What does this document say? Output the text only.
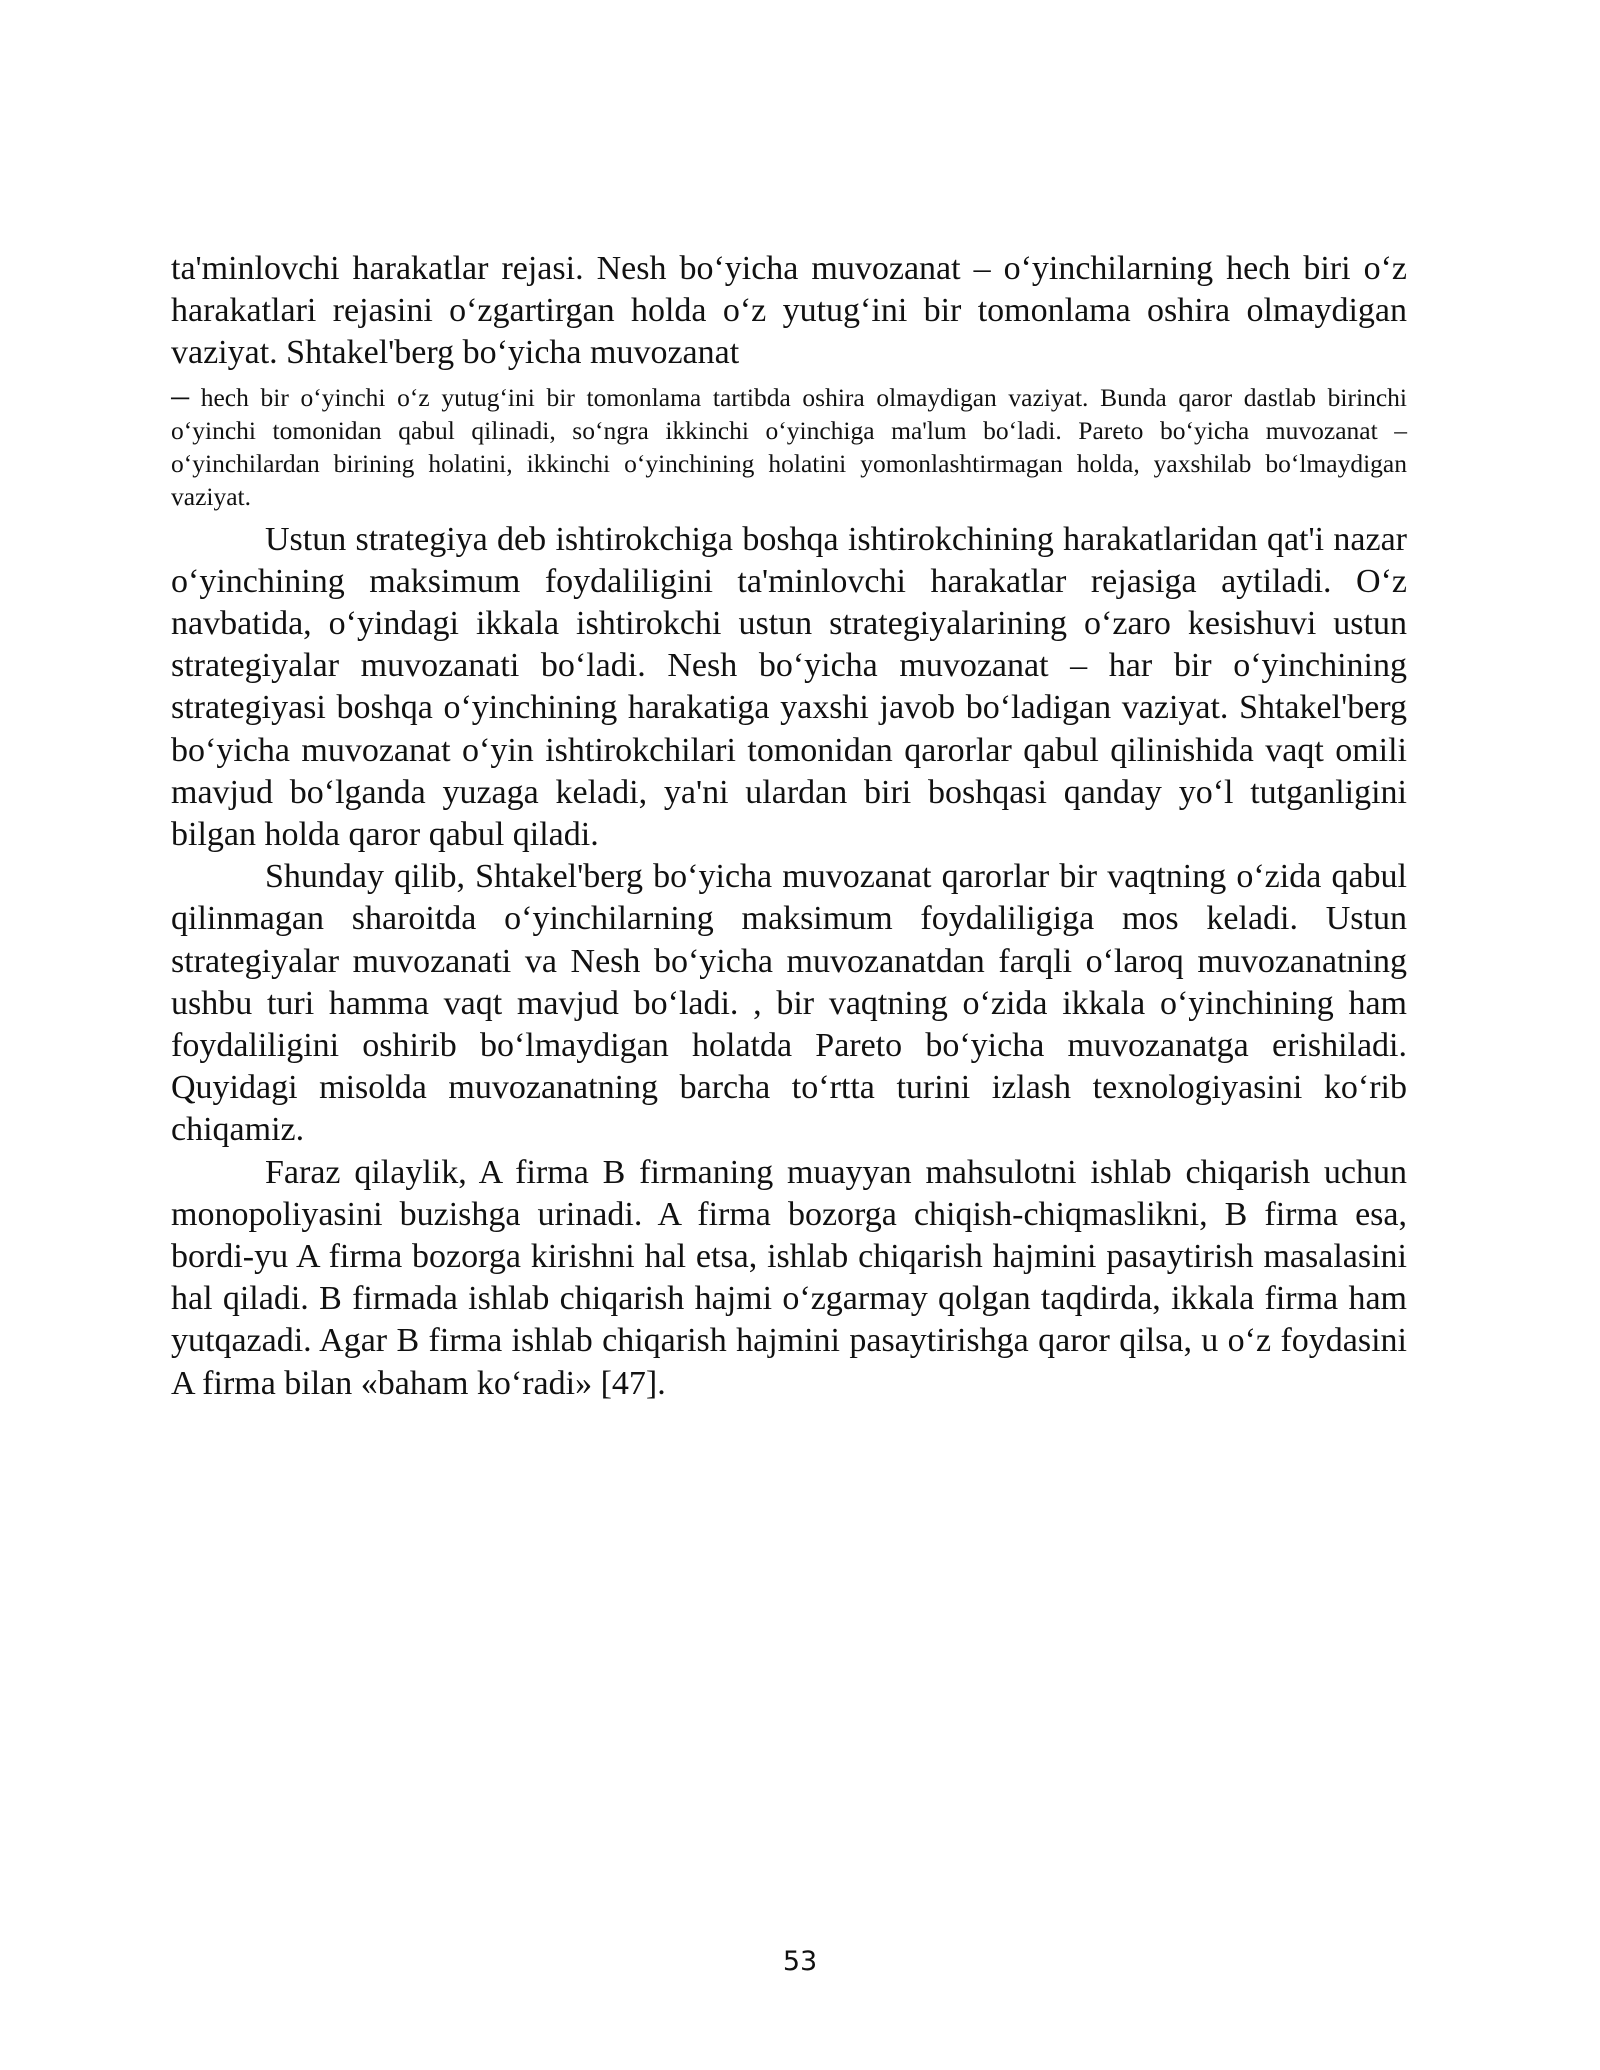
ta'minlovchi harakatlar rejasi. Nesh bo‘yicha muvozanat – o‘yinchilarning hech biri o‘z harakatlari rejasini o‘zgartirgan holda o‘z yutug‘ini bir tomonlama oshira olmaydigan vaziyat. Shtakel'berg bo‘yicha muvozanat

─ hech bir o‘yinchi o‘z yutug‘ini bir tomonlama tartibda oshira olmaydigan vaziyat. Bunda qaror dastlab birinchi o‘yinchi tomonidan qabul qilinadi, so‘ngra ikkinchi o‘yinchiga ma'lum bo‘ladi. Pareto bo‘yicha muvozanat – o‘yinchilardan birining holatini, ikkinchi o‘yinchining holatini yomonlashtirmagan holda, yaxshilab bo‘lmaydigan vaziyat.

Ustun strategiya deb ishtirokchiga boshqa ishtirokchining harakatlaridan qat'i nazar o‘yinchining maksimum foydaliligini ta'minlovchi harakatlar rejasiga aytiladi. O‘z navbatida, o‘yindagi ikkala ishtirokchi ustun strategiyalarining o‘zaro kesishuvi ustun strategiyalar muvozanati bo‘ladi. Nesh bo‘yicha muvozanat – har bir o‘yinchining strategiyasi boshqa o‘yinchining harakatiga yaxshi javob bo‘ladigan vaziyat. Shtakel'berg bo‘yicha muvozanat o‘yin ishtirokchilari tomonidan qarorlar qabul qilinishida vaqt omili mavjud bo‘lganda yuzaga keladi, ya'ni ulardan biri boshqasi qanday yo‘l tutganligini bilgan holda qaror qabul qiladi.

Shunday qilib, Shtakel'berg bo‘yicha muvozanat qarorlar bir vaqtning o‘zida qabul qilinmagan sharoitda o‘yinchilarning maksimum foydaliligiga mos keladi. Ustun strategiyalar muvozanati va Nesh bo‘yicha muvozanatdan farqli o‘laroq muvozanatning ushbu turi hamma vaqt mavjud bo‘ladi. , bir vaqtning o‘zida ikkala o‘yinchining ham foydaliligini oshirib bo‘lmaydigan holatda Pareto bo‘yicha muvozanatga erishiladi. Quyidagi misolda muvozanatning barcha to‘rtta turini izlash texnologiyasini ko‘rib chiqamiz.

Faraz qilaylik, A firma B firmaning muayyan mahsulotni ishlab chiqarish uchun monopoliyasini buzishga urinadi. A firma bozorga chiqish-chiqmaslikni, B firma esa, bordi-yu A firma bozorga kirishni hal etsa, ishlab chiqarish hajmini pasaytirish masalasini hal qiladi. B firmada ishlab chiqarish hajmi o‘zgarmay qolgan taqdirda, ikkala firma ham yutqazadi. Agar B firma ishlab chiqarish hajmini pasaytirishga qaror qilsa, u o‘z foydasini A firma bilan «baham ko‘radi» [47].

53
